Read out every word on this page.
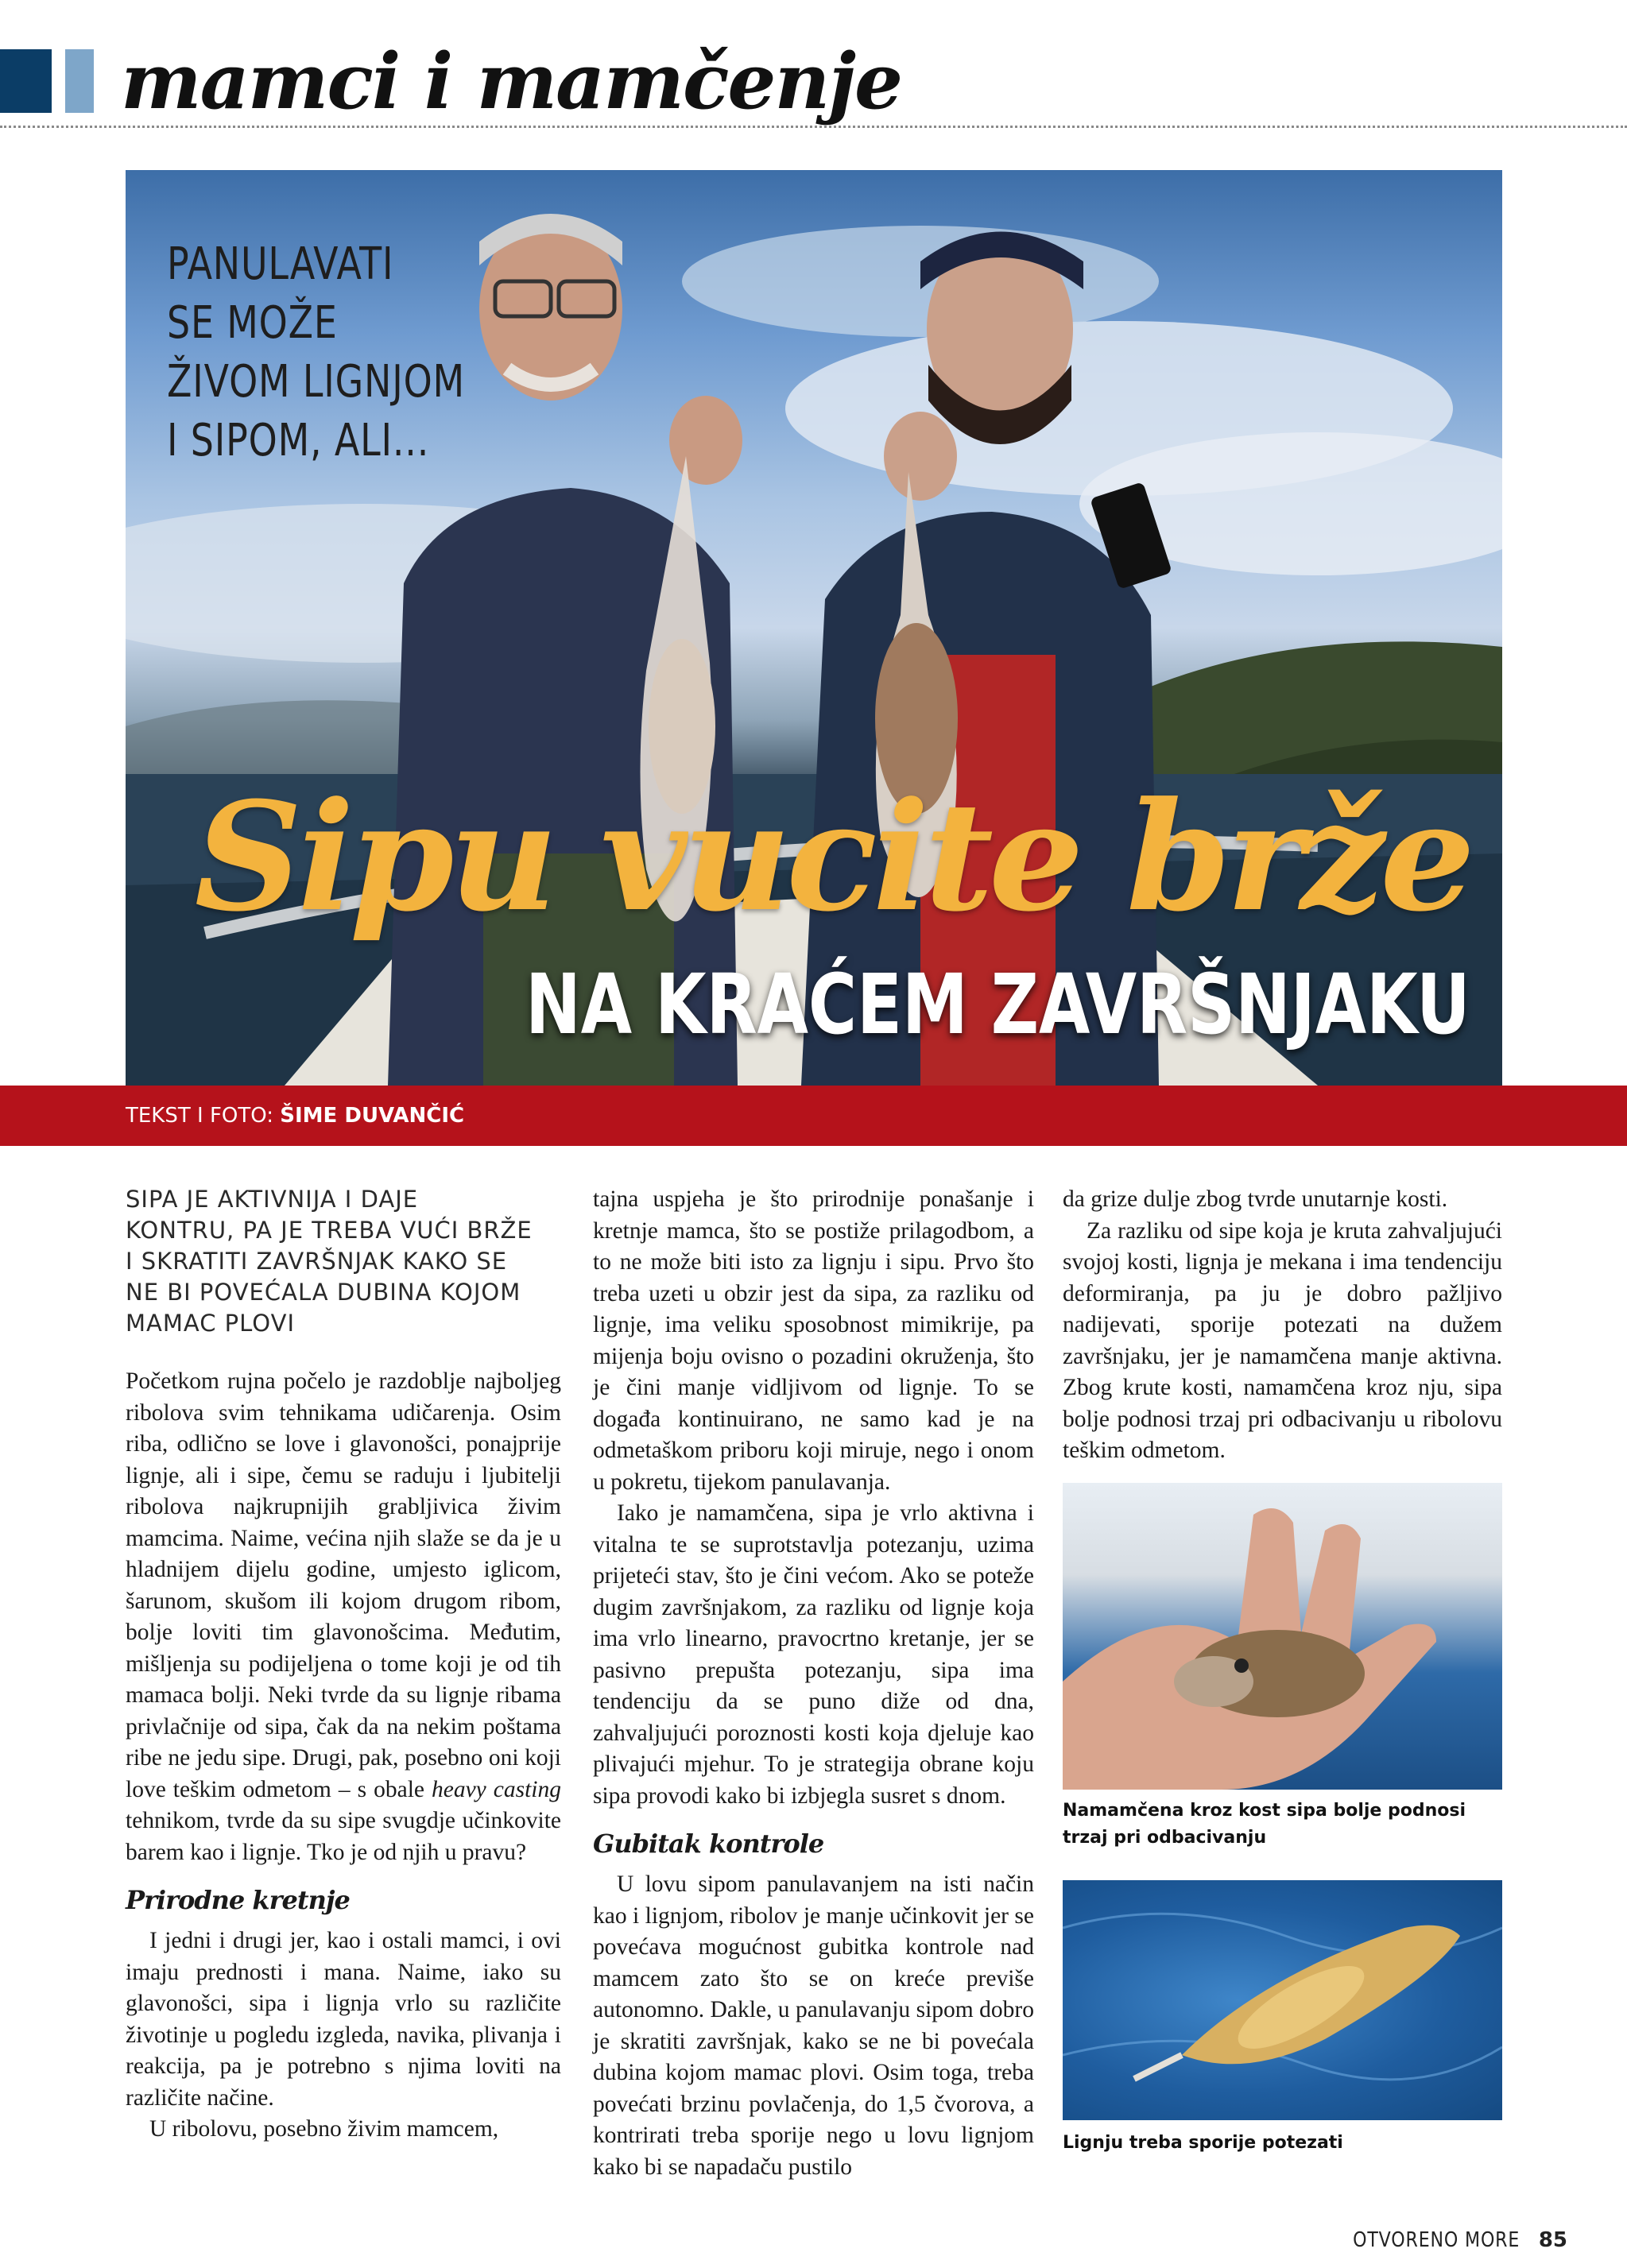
mamci i mamčenje
PANULAVATI
SE MOŽE
ŽIVOM LIGNJOM
I SIPOM, ALI...
Sipu vucite brže
NA KRAĆEM ZAVRŠNJAKU
TEKST I FOTO: ŠIME DUVANČIĆ

SIPA JE AKTIVNIJA I DAJE
KONTRU, PA JE TREBA VUĆI BRŽE
I SKRATITI ZAVRŠNJAK KAKO SE
NE BI POVEĆALA DUBINA KOJOM
MAMAC PLOVI

Početkom rujna počelo je razdoblje najboljeg ribolova svim tehnikama udičarenja. Osim riba, odlično se love i glavonošci, ponajprije lignje, ali i sipe, čemu se raduju i ljubitelji ribolova najkrupnijih grabljivica živim mamcima. Naime, većina njih slaže se da je u hladnijem dijelu godine, umjesto iglicom, šarunom, skušom ili kojom drugom ribom, bolje loviti tim glavonošcima. Međutim, mišljenja su podijeljena o tome koji je od tih mamaca bolji. Neki tvrde da su lignje ribama privlačnije od sipa, čak da na nekim poštama ribe ne jedu sipe. Drugi, pak, posebno oni koji love teškim odmetom – s obale heavy casting tehnikom, tvrde da su sipe svugdje učinkovite barem kao i lignje. Tko je od njih u pravu?

Prirodne kretnje

I jedni i drugi jer, kao i ostali mamci, i ovi imaju prednosti i mana. Naime, iako su glavonošci, sipa i lignja vrlo su različite životinje u pogledu izgleda, navika, plivanja i reakcija, pa je potrebno s njima loviti na različite načine.

U ribolovu, posebno živim mamcem,

tajna uspjeha je što prirodnije ponašanje i kretnje mamca, što se postiže prilagodbom, a to ne može biti isto za lignju i sipu. Prvo što treba uzeti u obzir jest da sipa, za razliku od lignje, ima veliku sposobnost mimikrije, pa mijenja boju ovisno o pozadini okruženja, što je čini manje vidljivom od lignje. To se događa kontinuirano, ne samo kad je na odmetaškom priboru koji miruje, nego i onom u pokretu, tijekom panulavanja.

Iako je namamčena, sipa je vrlo aktivna i vitalna te se suprotstavlja potezanju, uzima prijeteći stav, što je čini većom. Ako se poteže dugim završnjakom, za razliku od lignje koja ima vrlo linearno, pravocrtno kretanje, jer se pasivno prepušta potezanju, sipa ima tendenciju da se puno diže od dna, zahvaljujući poroznosti kosti koja djeluje kao plivajući mjehur. To je strategija obrane koju sipa provodi kako bi izbjegla susret s dnom.

Gubitak kontrole

U lovu sipom panulavanjem na isti način kao i lignjom, ribolov je manje učinkovit jer se povećava mogućnost gubitka kontrole nad mamcem zato što se on kreće previše autonomno. Dakle, u panulavanju sipom dobro je skratiti završnjak, kako se ne bi povećala dubina kojom mamac plovi. Osim toga, treba povećati brzinu povlačenja, do 1,5 čvorova, a kontrirati treba sporije nego u lovu lignjom kako bi se napadaču pustilo

da grize dulje zbog tvrde unutarnje kosti.

Za razliku od sipe koja je kruta zahvaljujući svojoj kosti, lignja je mekana i ima tendenciju deformiranja, pa ju je dobro pažljivo nadijevati, sporije potezati na dužem završnjaku, jer je namamčena manje aktivna. Zbog krute kosti, namamčena kroz nju, sipa bolje podnosi trzaj pri odbacivanju u ribolovu teškim odmetom.

Namamčena kroz kost sipa bolje podnosi trzaj pri odbacivanju
Lignju treba sporije potezati
OTVORENO MORE 85
